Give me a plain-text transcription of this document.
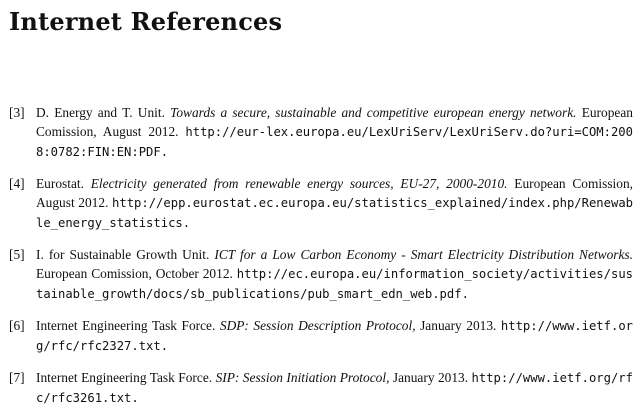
Internet References
[3] D. Energy and T. Unit. Towards a secure, sustainable and competitive european energy network. European Comission, August 2012. http://eur-lex.europa.eu/LexUriServ/LexUriServ.do?uri=COM:2008:0782:FIN:EN:PDF.
[4] Eurostat. Electricity generated from renewable energy sources, EU-27, 2000-2010. European Comission, August 2012. http://epp.eurostat.ec.europa.eu/statistics_explained/index.php/Renewable_energy_statistics.
[5] I. for Sustainable Growth Unit. ICT for a Low Carbon Economy - Smart Electricity Distribution Networks. European Comission, October 2012. http://ec.europa.eu/information_society/activities/sustainable_growth/docs/sb_publications/pub_smart_edn_web.pdf.
[6] Internet Engineering Task Force. SDP: Session Description Protocol, January 2013. http://www.ietf.org/rfc/rfc2327.txt.
[7] Internet Engineering Task Force. SIP: Session Initiation Protocol, January 2013. http://www.ietf.org/rfc/rfc3261.txt.
